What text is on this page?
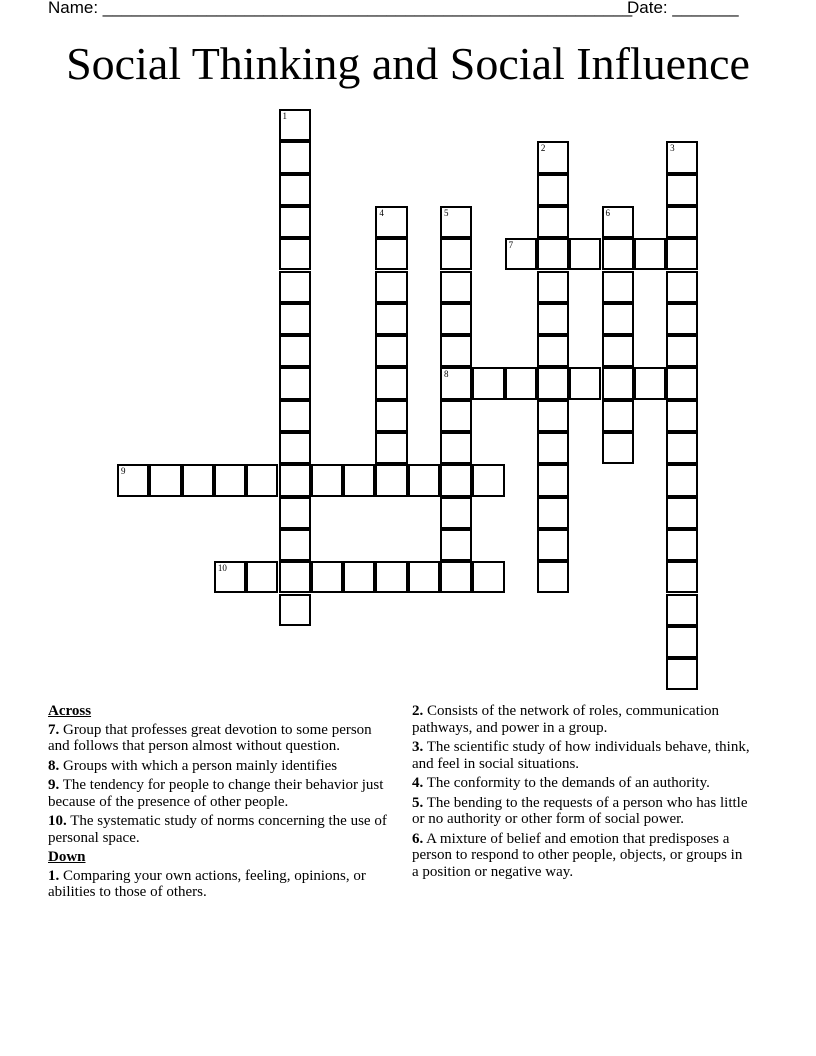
Name: ________________________________________________________
Date: _______
Social Thinking and Social Influence
1
2	3
4	5
8
6
7
9
10
Across
7. Group that professes great devotion to some person and follows that person almost without question.
8. Groups with which a person mainly identifies
9. The tendency for people to change their behavior just because of the presence of other people.
10. The systematic study of norms concerning the use of personal space.
Down
1. Comparing your own actions, feeling, opinions, or abilities to those of others.
2. Consists of the network of roles, communication pathways, and power in a group.
3. The scientific study of how individuals behave, think, and feel in social situations.
4. The conformity to the demands of an authority.
5. The bending to the requests of a person who has little or no authority or other form of social power.
6. A mixture of belief and emotion that predisposes a person to respond to other people, objects, or groups in a position or negative way.
